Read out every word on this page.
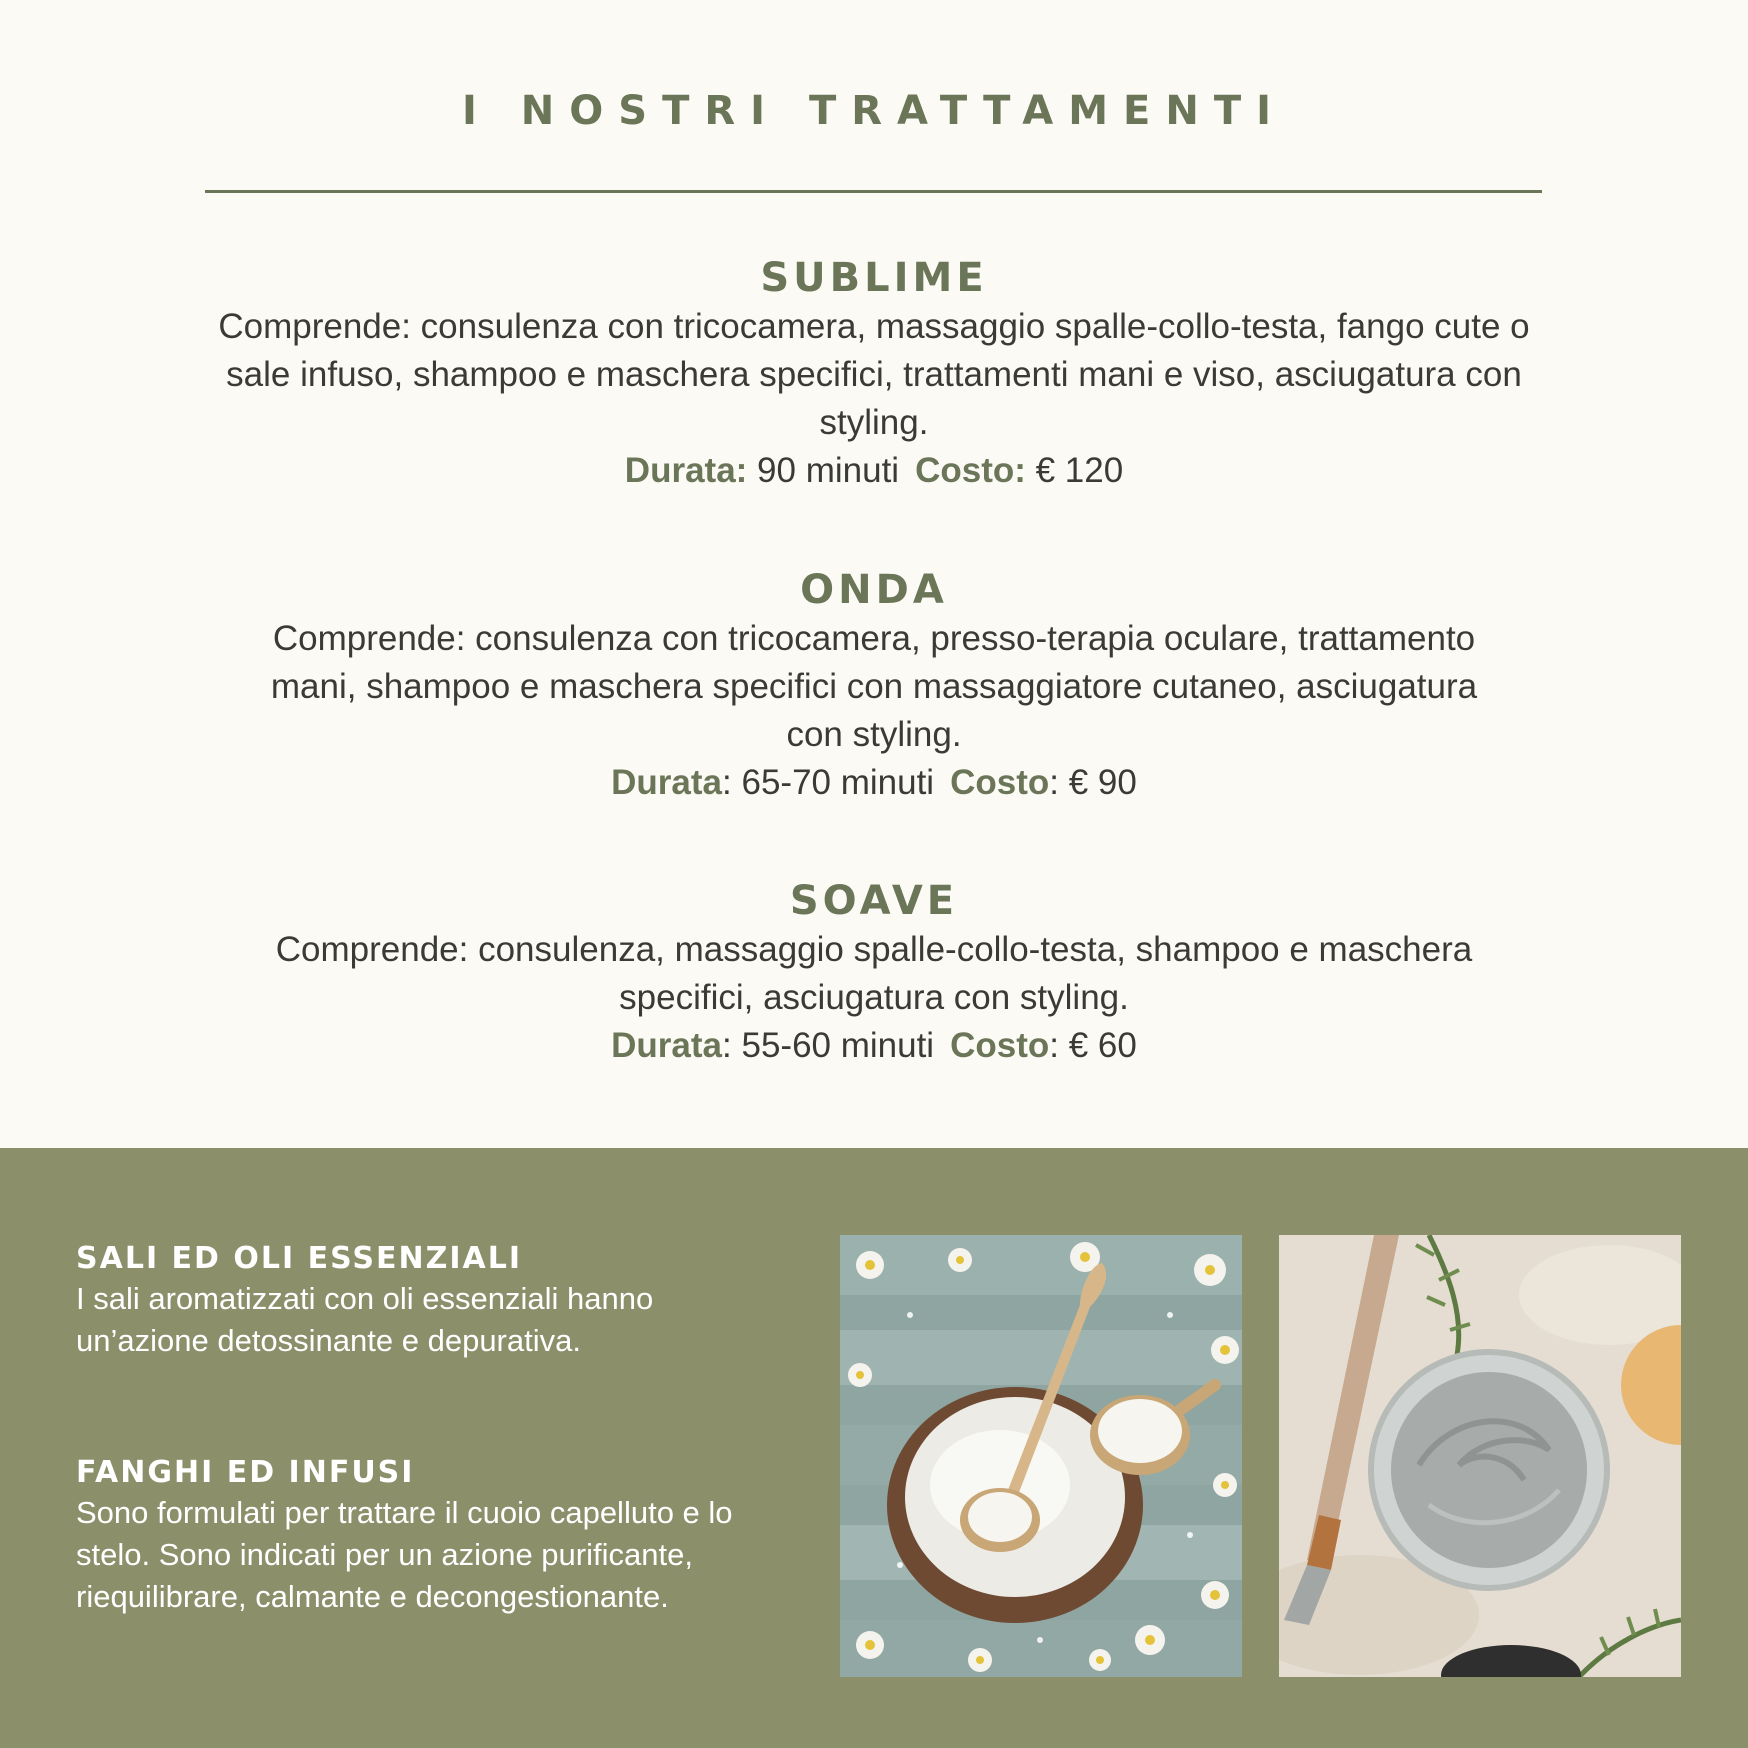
I NOSTRI TRATTAMENTI
SUBLIME

Comprende: consulenza con tricocamera, massaggio spalle-collo-testa, fango cute o sale infuso, shampoo e maschera specifici, trattamenti mani e viso, asciugatura con styling.

Durata: 90 minuti Costo: € 120

ONDA

Comprende: consulenza con tricocamera, presso-terapia oculare, trattamento mani, shampoo e maschera specifici con massaggiatore cutaneo, asciugatura con styling.

Durata: 65-70 minuti Costo: € 90

SOAVE

Comprende: consulenza, massaggio spalle-collo-testa, shampoo e maschera specifici, asciugatura con styling.

Durata: 55-60 minuti Costo: € 60

SALI ED OLI ESSENZIALI

I sali aromatizzati con oli essenziali hanno un’azione detossinante e depurativa.

FANGHI ED INFUSI

Sono formulati per trattare il cuoio capelluto e lo stelo. Sono indicati per un azione purificante, riequilibrare, calmante e decongestionante.
